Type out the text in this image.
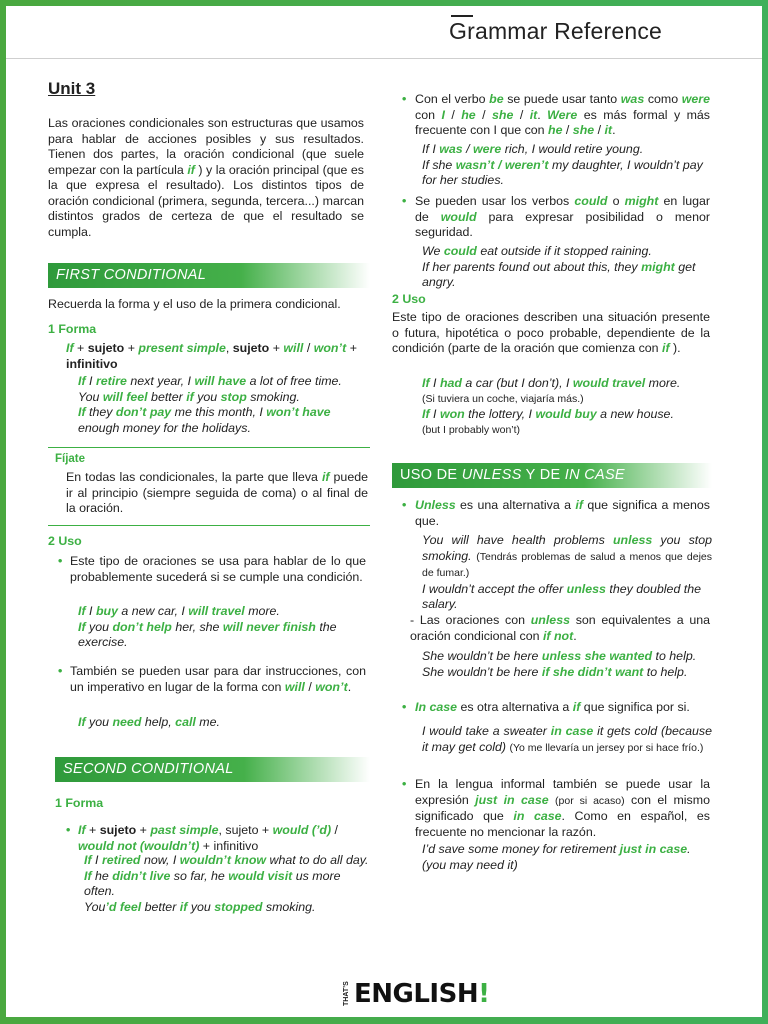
Grammar Reference
Unit 3

Las oraciones condicionales son estructuras que usamos para hablar de acciones posibles y sus resultados. Tienen dos partes, la oración condicional (que suele empezar con la partícula if ) y la oración principal (que es la que expresa el resultado). Los distintos tipos de oración condicional (primera, segunda, tercera...) marcan distintos grados de certeza de que el resultado se cumpla.

FIRST CONDITIONAL

Recuerda la forma y el uso de la primera condicional.

1 Forma

If + sujeto + present simple, sujeto + will / won’t + infinitivo

If I retire next year, I will have a lot of free time.

You will feel better if you stop smoking.

If they don’t pay me this month, I won’t have enough money for the holidays.

Fíjate

En todas las condicionales, la parte que lleva if puede ir al principio (siempre seguida de coma) o al final de la oración.

2 Uso
• Este tipo de oraciones se usa para hablar de lo que probablemente sucederá si se cumple una condición.

If I buy a new car, I will travel more.

If you don’t help her, she will never finish the exercise.

• También se pueden usar para dar instrucciones, con un imperativo en lugar de la forma con will / won’t.

If you need help, call me.

SECOND CONDITIONAL
1 Forma
• If + sujeto + past simple, sujeto + would (’d) / would not (wouldn’t) + infinitivo

If I retired now, I wouldn’t know what to do all day.

If he didn’t live so far, he would visit us more often.

You’d feel better if you stopped smoking.

• Con el verbo be se puede usar tanto was como were con I / he / she / it. Were es más formal y más frecuente con I que con he / she / it.

If I was / were rich, I would retire young.

If she wasn’t / weren’t my daughter, I wouldn’t pay for her studies.

• Se pueden usar los verbos could o might en lugar de would para expresar posibilidad o menor seguridad.

We could eat outside if it stopped raining.

If her parents found out about this, they might get angry.

2 Uso

Este tipo de oraciones describen una situación presente o futura, hipotética o poco probable, dependiente de la condición (parte de la oración que comienza con if ).

If I had a car (but I don’t), I would travel more.

(Si tuviera un coche, viajaría más.)

If I won the lottery, I would buy a new house.

(but I probably won’t)

USO DE UNLESS Y DE IN CASE
• Unless es una alternativa a if que significa a menos que.

You will have health problems unless you stop smoking. (Tendrás problemas de salud a menos que dejes de fumar.)

I wouldn’t accept the offer unless they doubled the salary.

- Las oraciones con unless son equivalentes a una oración condicional con if not.

She wouldn’t be here unless she wanted to help.

She wouldn’t be here if she didn’t want to help.

• In case es otra alternativa a if que significa por si.

I would take a sweater in case it gets cold (because it may get cold) (Yo me llevaría un jersey por si hace frío.)

• En la lengua informal también se puede usar la expresión just in case (por si acaso) con el mismo significado que in case. Como en español, es frecuente no mencionar la razón.

I’d save some money for retirement just in case. (you may need it)

THAT’S ENGLISH!
